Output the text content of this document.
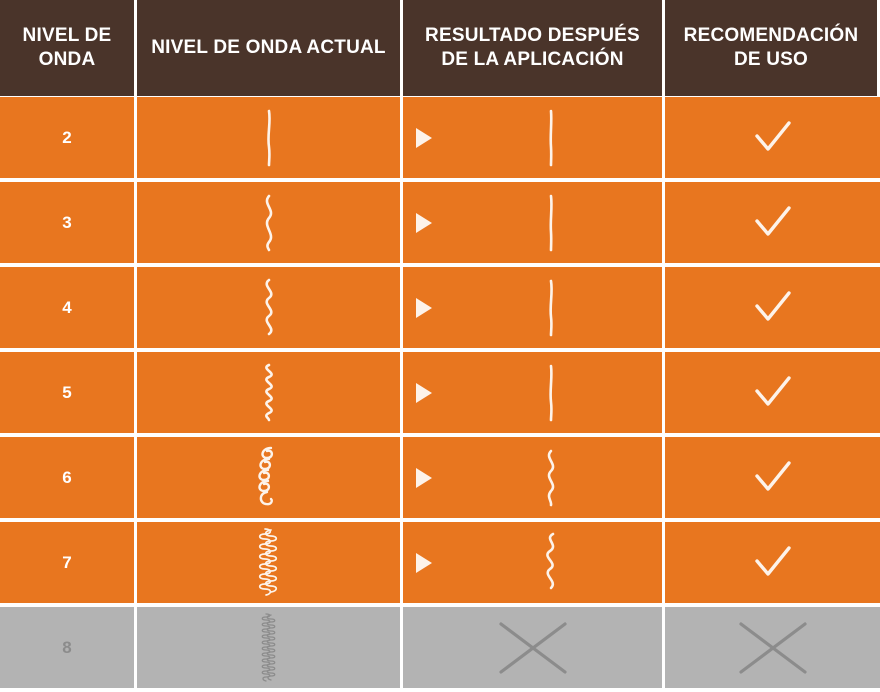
NIVEL DE ONDA
NIVEL DE ONDA ACTUAL
RESULTADO DESPUÉS DE LA APLICACIÓN
RECOMENDACIÓN DE USO
2
3
4
5
6
7
8
